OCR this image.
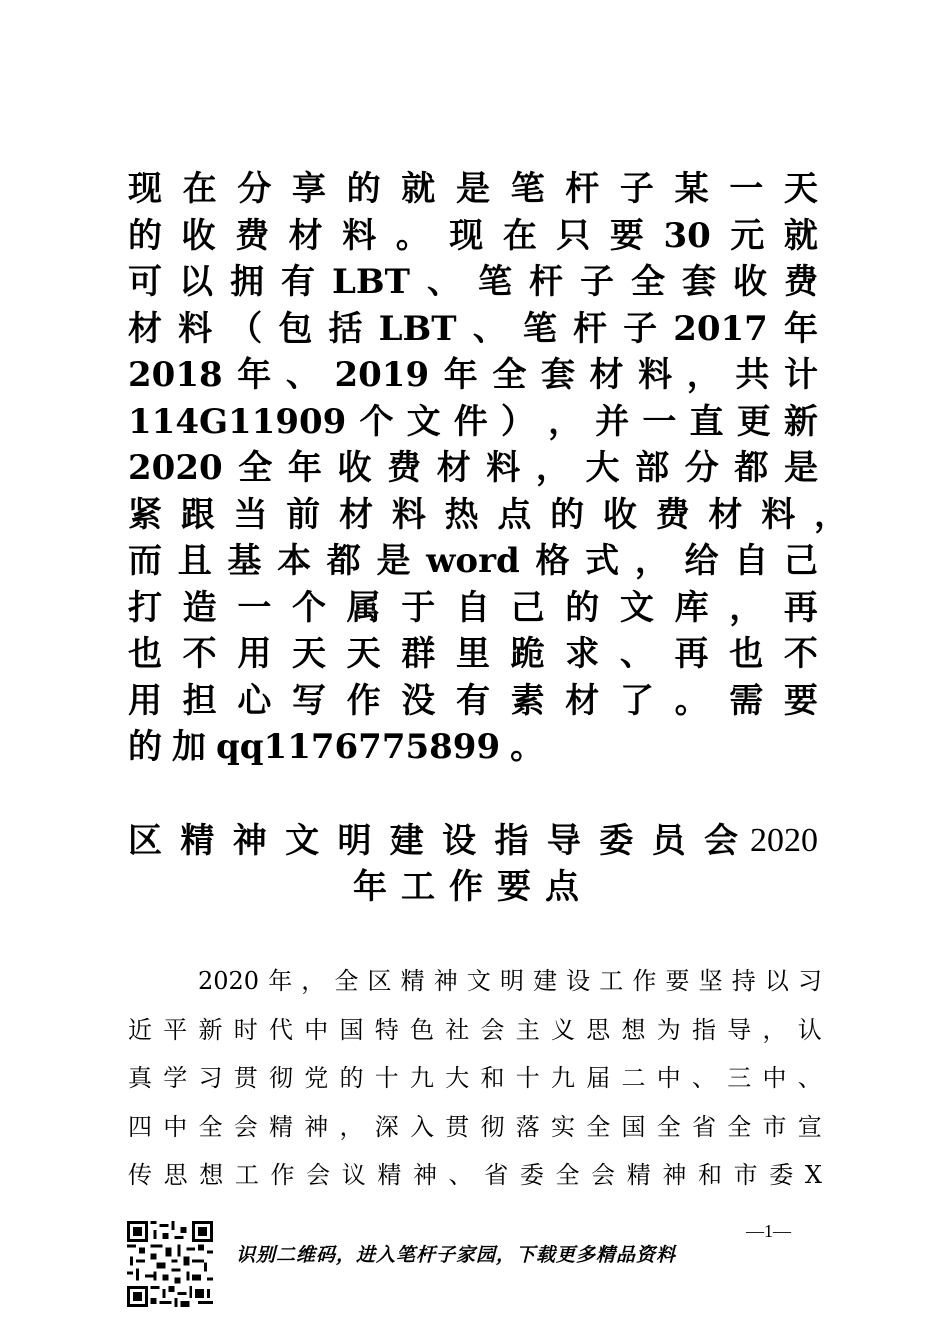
现 在 分 享 的 就 是 笔 杆 子 某 一 天
的 收 费 材 料 。 现 在 只 要 30 元 就
可 以 拥 有 LBT 、 笔 杆 子 全 套 收 费
材 料 （ 包 括 LBT 、 笔 杆 子 2017 年
2018 年 、 2019 年 全 套 材 料 ， 共 计
114G11909 个 文 件 ） ， 并 一 直 更 新
2020 全 年 收 费 材 料 ， 大 部 分 都 是
紧 跟 当 前 材 料 热 点 的 收 费 材 料 ，
而 且 基 本 都 是 word 格 式 ， 给 自 己
打 造 一 个 属 于 自 己 的 文 库 ， 再
也 不 用 天 天 群 里 跪 求 、 再 也 不
用 担 心 写 作 没 有 素 材 了 。 需 要
的 加 qq1176775899 。
区 精 神 文 明 建 设 指 导 委 员 会 2020
年工作要点
2020 年 ， 全 区 精 神 文 明 建 设 工 作 要 坚 持 以 习
近 平 新 时 代 中 国 特 色 社 会 主 义 思 想 为 指 导 ， 认
真 学 习 贯 彻 党 的 十 九 大 和 十 九 届 二 中 、 三 中 、
四 中 全 会 精 神 ， 深 入 贯 彻 落 实 全 国 全 省 全 市 宣
传 思 想 工 作 会 议 精 神 、 省 委 全 会 精 神 和 市 委 X
识别二维码，进入笔杆子家园，下载更多精品资料
—1—
